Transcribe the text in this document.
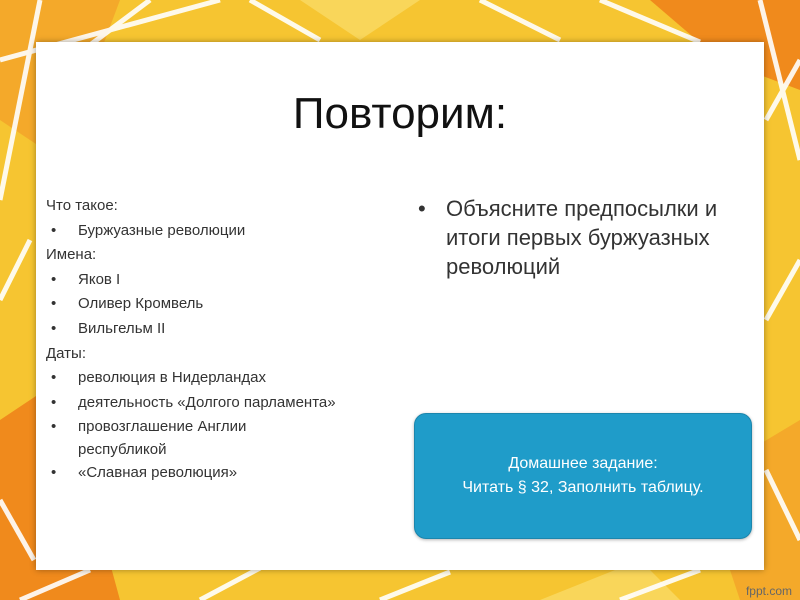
Повторим:
Что такое:
• Буржуазные революции
Имена:
• Яков I
• Оливер Кромвель
• Вильгельм II
Даты:
• революция в Нидерландах
• деятельность «Долгого парламента»
• провозглашение Англии республикой
• «Славная революция»
• Объясните предпосылки и итоги первых буржуазных революций
Домашнее задание:
Читать § 32, Заполнить таблицу.
fppt.com
